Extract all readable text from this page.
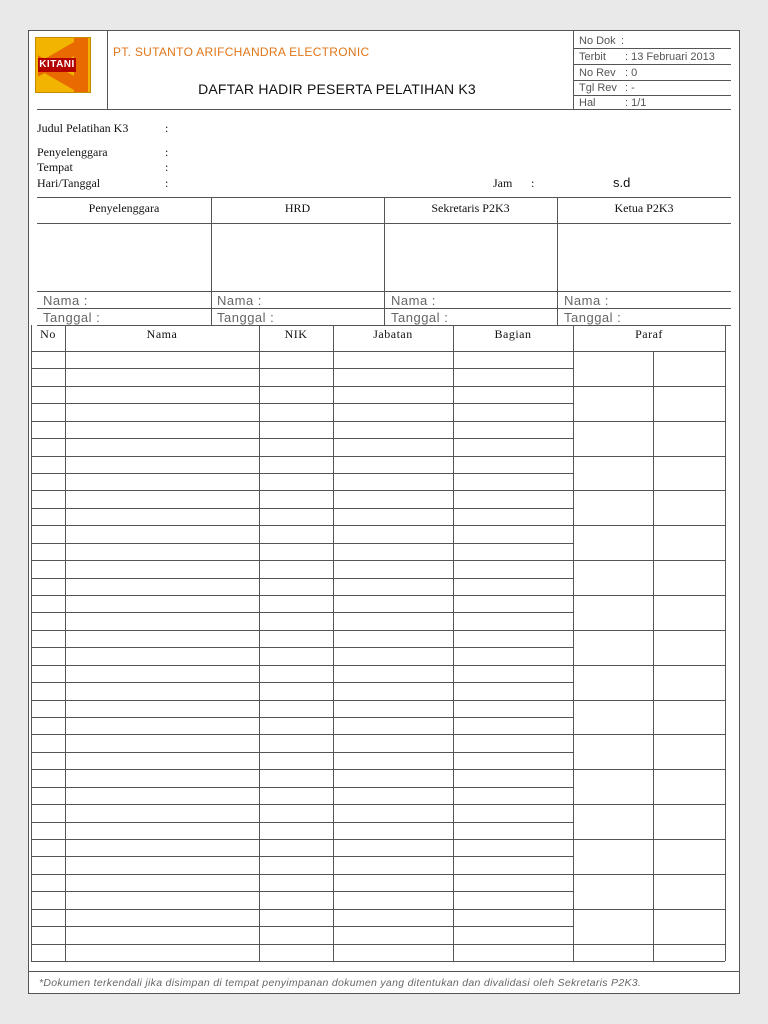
KITANI
PT. SUTANTO ARIFCHANDRA ELECTRONIC
DAFTAR HADIR PESERTA PELATIHAN K3
No Dok :
Terbit : 13 Februari 2013
No Rev : 0
Tgl Rev : -
Hal	: 1/1
Judul Pelatihan K3	:
Penyelenggara	:
Tempat	:
Hari/Tanggal	:	Jam :	s.d
Penyelenggara	HRD	Sekretaris P2K3	Ketua P2K3
Nama :	Nama :	Nama :	Nama :
Tanggal :	Tanggal :	Tanggal :	Tanggal :
No	Nama	NIK	Jabatan	Bagian	Paraf
*Dokumen terkendali jika disimpan di tempat penyimpanan dokumen yang ditentukan dan divalidasi oleh Sekretaris P2K3.
